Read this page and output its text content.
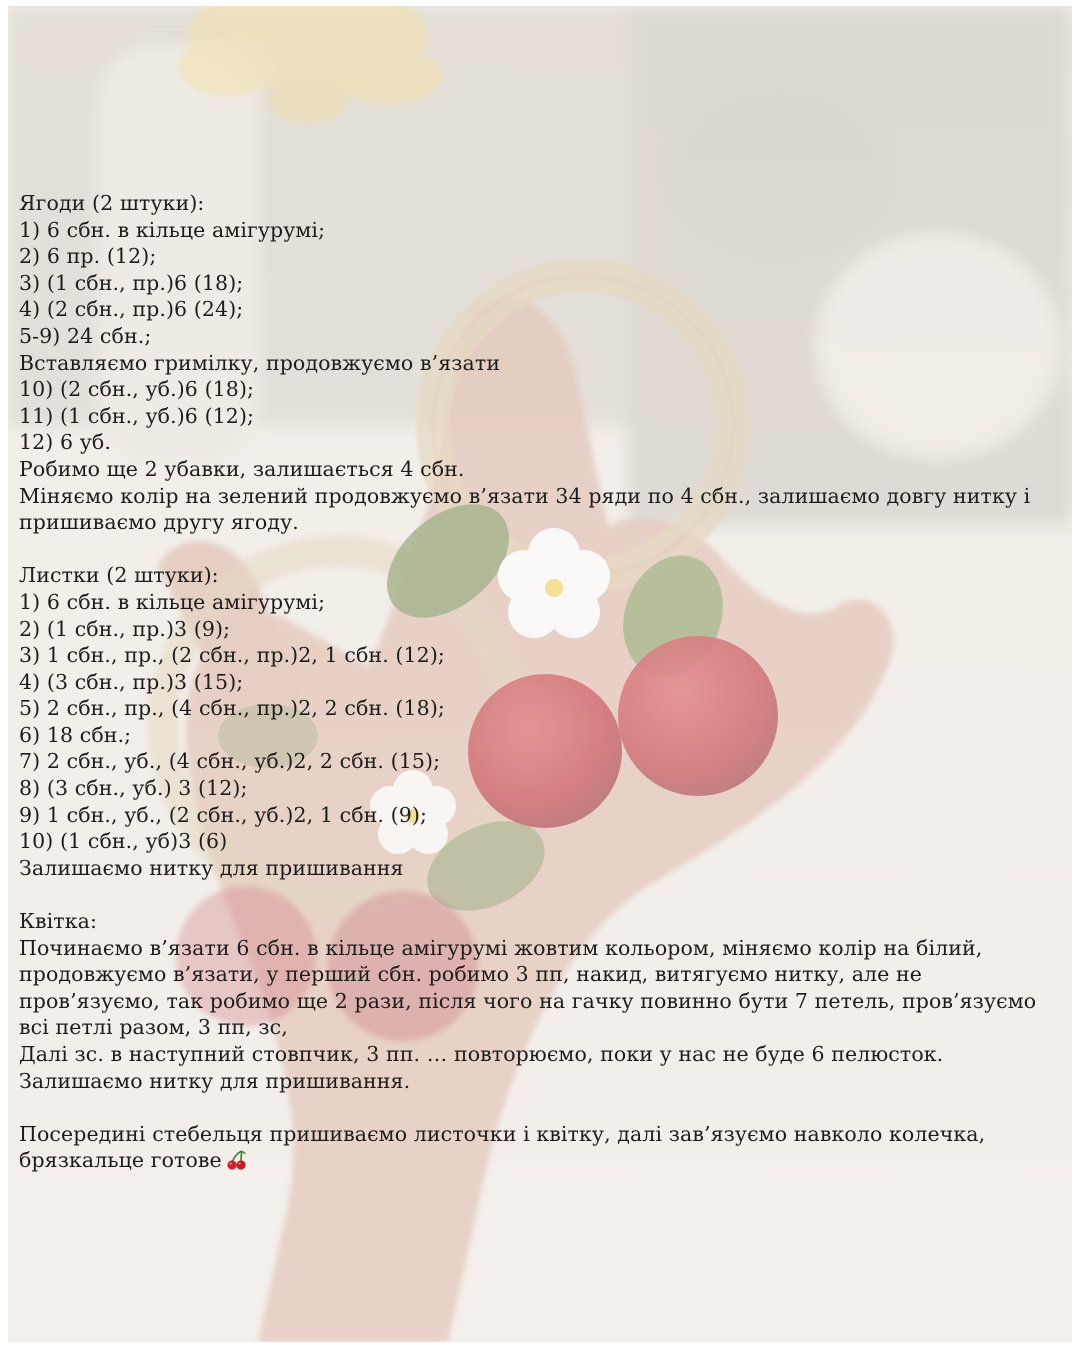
Ягоди (2 штуки):
1) 6 сбн. в кільце амігурумі;
2) 6 пр. (12);
3) (1 сбн., пр.)6 (18);
4) (2 сбн., пр.)6 (24);
5-9) 24 сбн.;
Вставляємо гримілку, продовжуємо в’язати
10) (2 сбн., уб.)6 (18);
11) (1 сбн., уб.)6 (12);
12) 6 уб.
Робимо ще 2 убавки, залишається 4 сбн.
Міняємо колір на зелений продовжуємо в’язати 34 ряди по 4 сбн., залишаємо довгу нитку і пришиваємо другу ягоду.
Листки (2 штуки):
1) 6 сбн. в кільце амігурумі;
2) (1 сбн., пр.)3 (9);
3) 1 сбн., пр., (2 сбн., пр.)2, 1 сбн. (12);
4) (3 сбн., пр.)3 (15);
5) 2 сбн., пр., (4 сбн., пр.)2, 2 сбн. (18);
6) 18 сбн.;
7) 2 сбн., уб., (4 сбн., уб.)2, 2 сбн. (15);
8) (3 сбн., уб.) 3 (12);
9) 1 сбн., уб., (2 сбн., уб.)2, 1 сбн. (9);
10) (1 сбн., уб)3 (6)
Залишаємо нитку для пришивання
Квітка:
Починаємо в’язати 6 сбн. в кільце амігурумі жовтим кольором, міняємо колір на білий, продовжуємо в’язати, у перший сбн. робимо 3 пп, накид, витягуємо нитку, але не пров’язуємо, так робимо ще 2 рази, після чого на гачку повинно бути 7 петель, пров’язуємо всі петлі разом, 3 пп, зс,
Далі зс. в наступний стовпчик, 3 пп. … повторюємо, поки у нас не буде 6 пелюсток.
Залишаємо нитку для пришивання.
Посередині стебельця пришиваємо листочки і квітку, далі зав’язуємо навколо колечка, брязкальце готове
